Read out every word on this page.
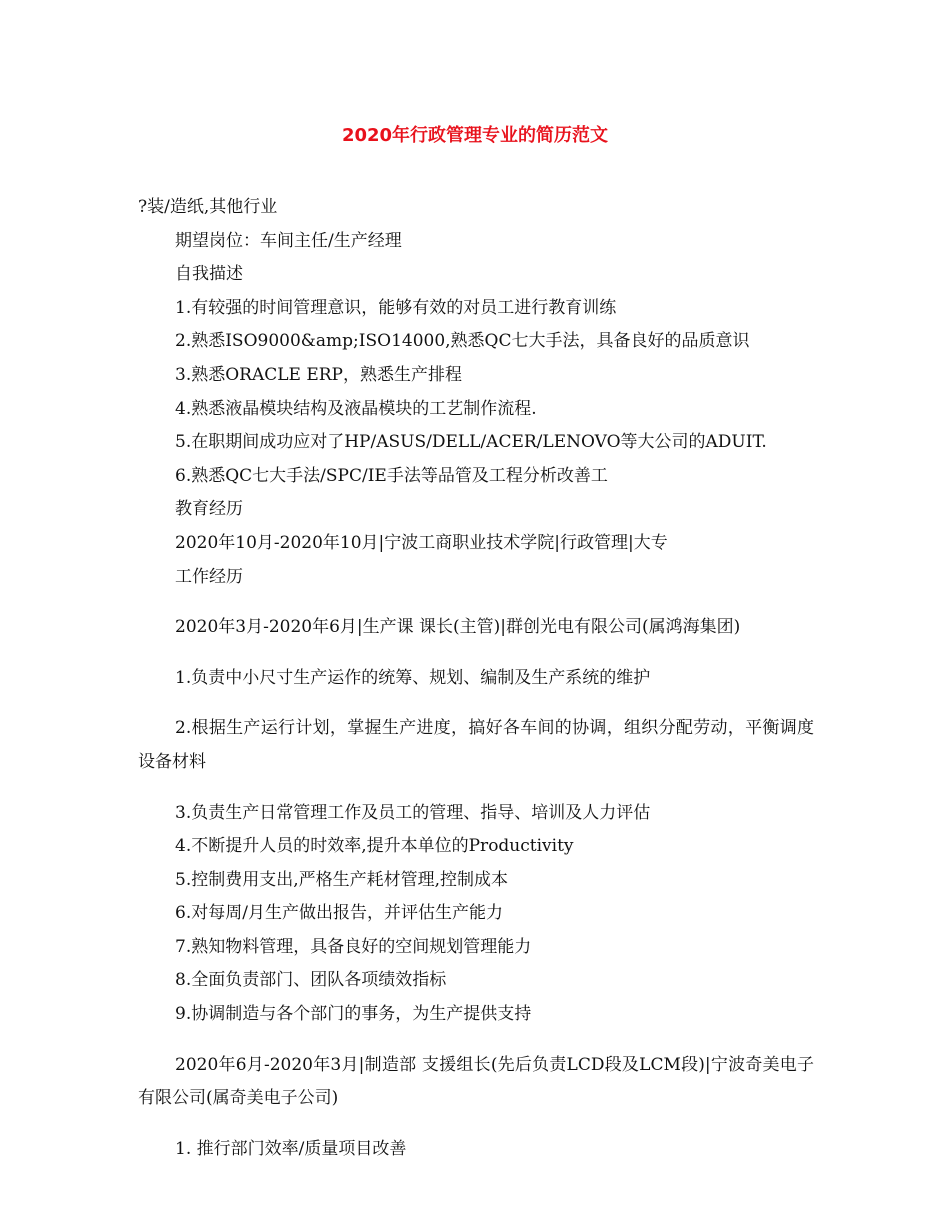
2020年行政管理专业的简历范文

?装/造纸,其他行业

期望岗位：车间主任/生产经理

自我描述

1.有较强的时间管理意识，能够有效的对员工进行教育训练

2.熟悉ISO9000&amp;ISO14000,熟悉QC七大手法，具备良好的品质意识

3.熟悉ORACLE ERP，熟悉生产排程

4.熟悉液晶模块结构及液晶模块的工艺制作流程.

5.在职期间成功应对了HP/ASUS/DELL/ACER/LENOVO等大公司的ADUIT.

6.熟悉QC七大手法/SPC/IE手法等品管及工程分析改善工

教育经历

2020年10月-2020年10月|宁波工商职业技术学院|行政管理|大专

工作经历

2020年3月-2020年6月|生产课 课长(主管)|群创光电有限公司(属鸿海集团)

1.负责中小尺寸生产运作的统筹、规划、编制及生产系统的维护

2.根据生产运行计划，掌握生产进度，搞好各车间的协调，组织分配劳动，平衡调度设备材料

3.负责生产日常管理工作及员工的管理、指导、培训及人力评估

4.不断提升人员的时效率,提升本单位的Productivity

5.控制费用支出,严格生产耗材管理,控制成本

6.对每周/月生产做出报告，并评估生产能力

7.熟知物料管理，具备良好的空间规划管理能力

8.全面负责部门、团队各项绩效指标

9.协调制造与各个部门的事务，为生产提供支持

2020年6月-2020年3月|制造部 支援组长(先后负责LCD段及LCM段)|宁波奇美电子有限公司(属奇美电子公司)

1. 推行部门效率/质量项目改善
